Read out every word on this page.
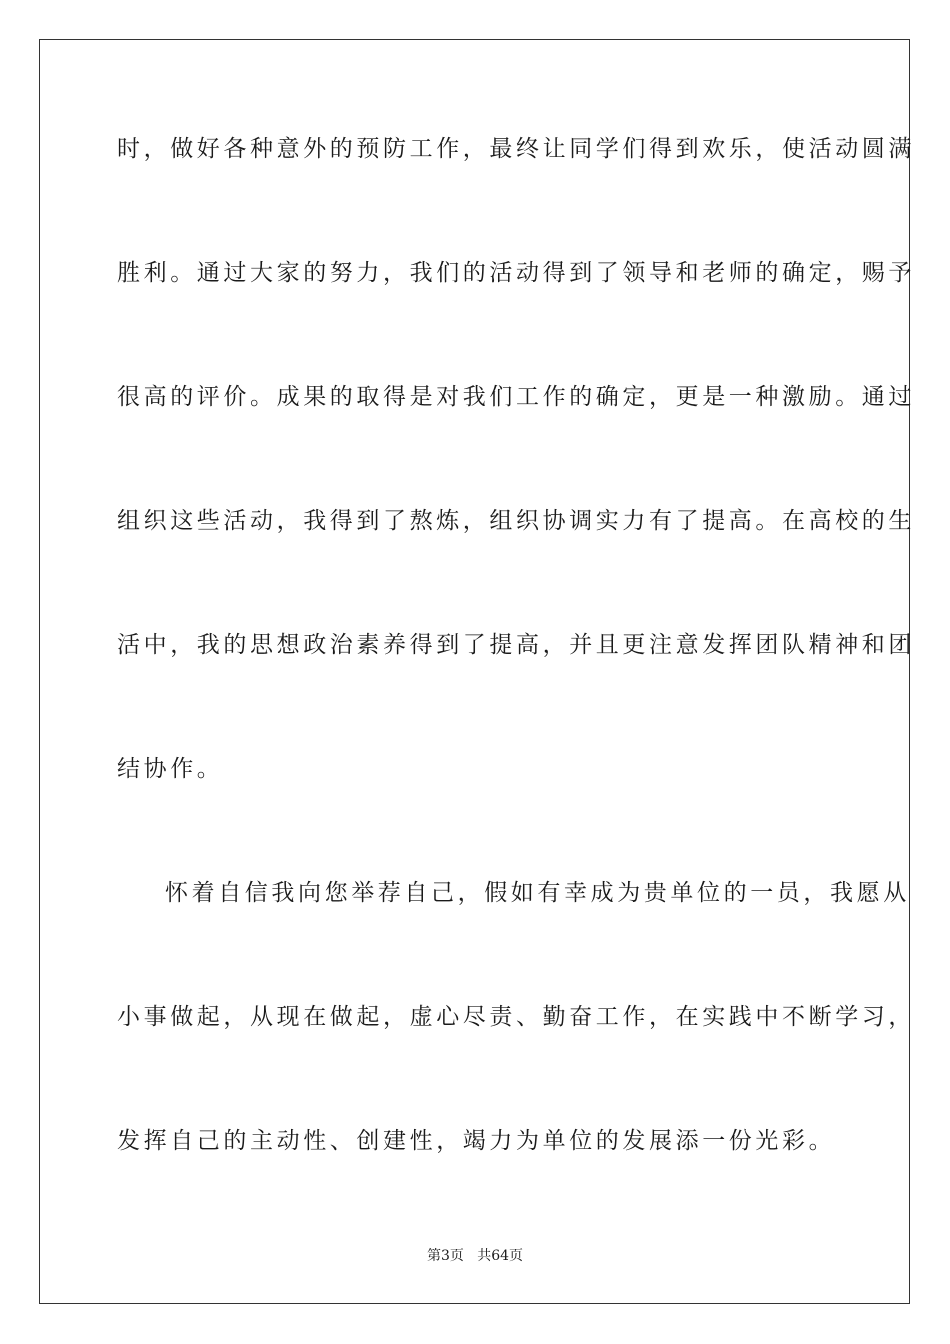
时，做好各种意外的预防工作，最终让同学们得到欢乐，使活动圆满
胜利。通过大家的努力，我们的活动得到了领导和老师的确定，赐予
很高的评价。成果的取得是对我们工作的确定，更是一种激励。通过
组织这些活动，我得到了熬炼，组织协调实力有了提高。在高校的生
活中，我的思想政治素养得到了提高，并且更注意发挥团队精神和团
结协作。
怀着自信我向您举荐自己，假如有幸成为贵单位的一员，我愿从
小事做起，从现在做起，虚心尽责、勤奋工作，在实践中不断学习，
发挥自己的主动性、创建性，竭力为单位的发展添一份光彩。
第3页   共64页
